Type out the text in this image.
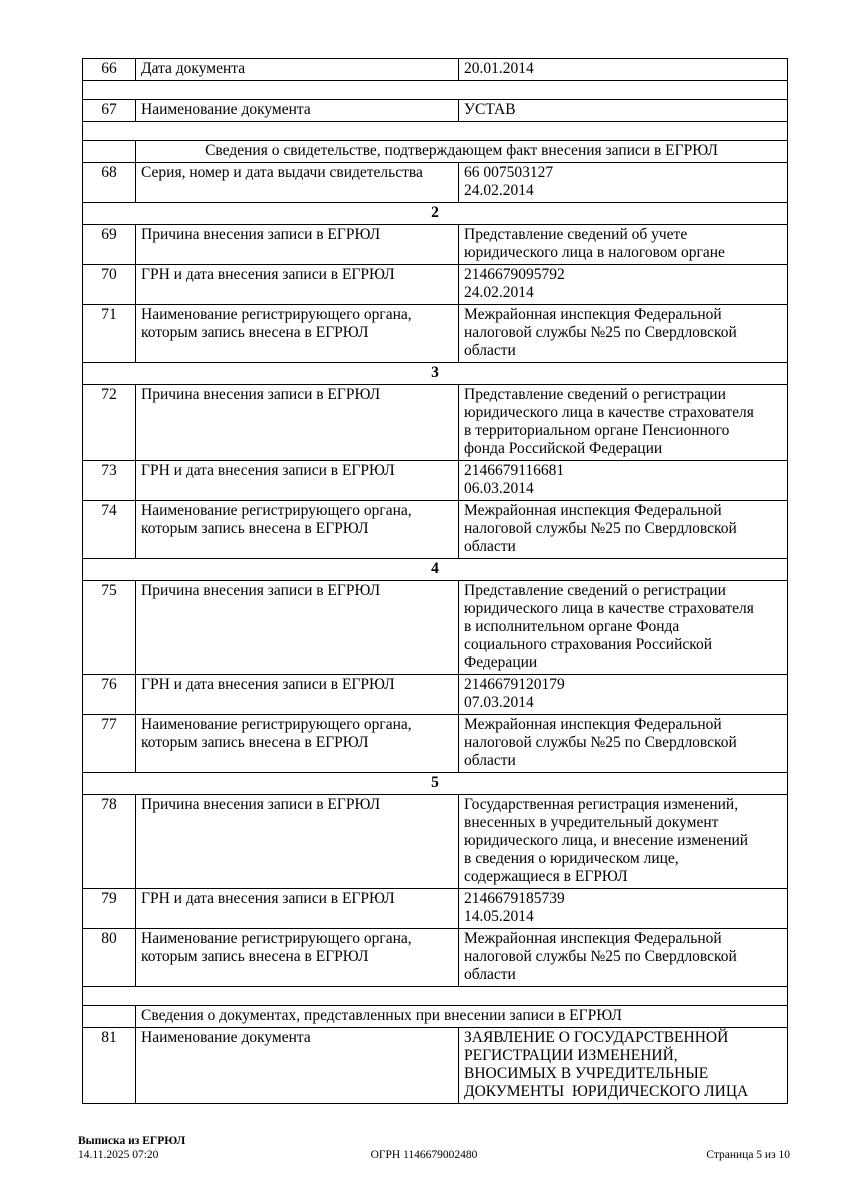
66	Дата документа	20.01.2014

67	Наименование документа	УСТАВ

	Сведения о свидетельстве, подтверждающем факт внесения записи в ЕГРЮЛ	
68	Серия, номер и дата выдачи свидетельства	66 007503127
24.02.2014
2		
69	Причина внесения записи в ЕГРЮЛ	Представление сведений об учете
юридического лица в налоговом органе
70	ГРН и дата внесения записи в ЕГРЮЛ	2146679095792
24.02.2014
71	Наименование регистрирующего органа,
которым запись внесена в ЕГРЮЛ	Межрайонная инспекция Федеральной
налоговой службы №25 по Свердловской
области
3		
72	Причина внесения записи в ЕГРЮЛ	Представление сведений о регистрации
юридического лица в качестве страхователя
в территориальном органе Пенсионного
фонда Российской Федерации
73	ГРН и дата внесения записи в ЕГРЮЛ	2146679116681
06.03.2014
74	Наименование регистрирующего органа,
которым запись внесена в ЕГРЮЛ	Межрайонная инспекция Федеральной
налоговой службы №25 по Свердловской
области
4		
75	Причина внесения записи в ЕГРЮЛ	Представление сведений о регистрации
юридического лица в качестве страхователя
в исполнительном органе Фонда
социального страхования Российской
Федерации
76	ГРН и дата внесения записи в ЕГРЮЛ	2146679120179
07.03.2014
77	Наименование регистрирующего органа,
которым запись внесена в ЕГРЮЛ	Межрайонная инспекция Федеральной
налоговой службы №25 по Свердловской
области
5		
78	Причина внесения записи в ЕГРЮЛ	Государственная регистрация изменений,
внесенных в учредительный документ
юридического лица, и внесение изменений
в сведения о юридическом лице,
содержащиеся в ЕГРЮЛ
79	ГРН и дата внесения записи в ЕГРЮЛ	2146679185739
14.05.2014
80	Наименование регистрирующего органа,
которым запись внесена в ЕГРЮЛ	Межрайонная инспекция Федеральной
налоговой службы №25 по Свердловской
области

	Сведения о документах, представленных при внесении записи в ЕГРЮЛ	
81	Наименование документа	ЗАЯВЛЕНИЕ О ГОСУДАРСТВЕННОЙ
РЕГИСТРАЦИИ ИЗМЕНЕНИЙ,
ВНОСИМЫХ В УЧРЕДИТЕЛЬНЫЕ
ДОКУМЕНТЫ  ЮРИДИЧЕСКОГО ЛИЦА
Выписка из ЕГРЮЛ
14.11.2025 07:20	ОГРН 1146679002480	Страница 5 из 10
